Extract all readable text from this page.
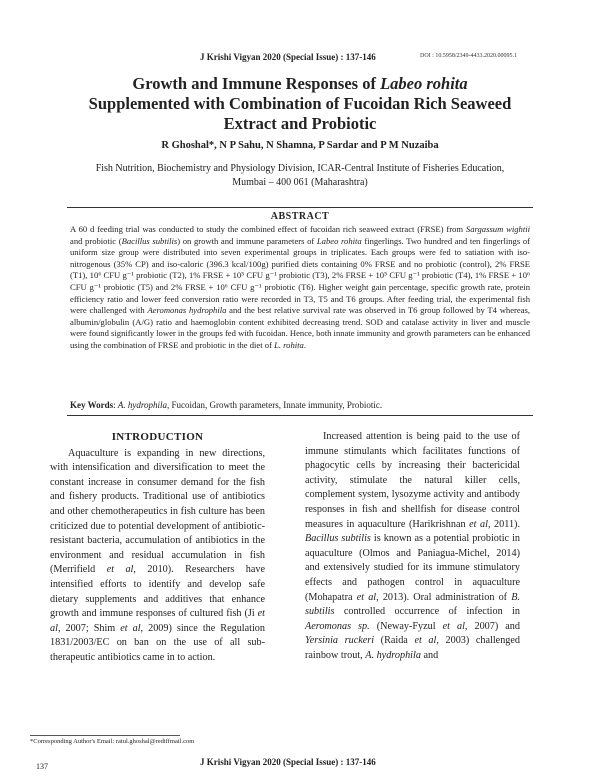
J Krishi Vigyan 2020 (Special Issue) : 137-146	DOI : 10.5958/2349-4433.2020.00095.1
Growth and Immune Responses of Labeo rohita
Supplemented with Combination of Fucoidan Rich Seaweed
Extract and Probiotic
R Ghoshal*, N P Sahu, N Shamna, P Sardar and P M Nuzaiba
Fish Nutrition, Biochemistry and Physiology Division, ICAR-Central Institute of Fisheries Education,
Mumbai – 400 061 (Maharashtra)
ABSTRACT
A 60 d feeding trial was conducted to study the combined effect of fucoidan rich seaweed extract (FRSE) from Sargassum wightii and probiotic (Bacillus subtilis) on growth and immune parameters of Labeo rohita fingerlings. Two hundred and ten fingerlings of uniform size group were distributed into seven experimental groups in triplicates. Each groups were fed to satiation with iso-nitrogenous (35% CP) and iso-caloric (396.3 kcal/100g) purified diets containing 0% FRSE and no probiotic (control), 2% FRSE (T1), 10⁶ CFU g⁻¹ probiotic (T2), 1% FRSE + 10⁵ CFU g⁻¹ probiotic (T3), 2% FRSE + 10⁵ CFU g⁻¹ probiotic (T4), 1% FRSE + 10⁶ CFU g⁻¹ probiotic (T5) and 2% FRSE + 10⁶ CFU g⁻¹ probiotic (T6). Higher weight gain percentage, specific growth rate, protein efficiency ratio and lower feed conversion ratio were recorded in T3, T5 and T6 groups. After feeding trial, the experimental fish were challenged with Aeromonas hydrophila and the best relative survival rate was observed in T6 group followed by T4 whereas, albumin/globulin (A/G) ratio and haemoglobin content exhibited decreasing trend. SOD and catalase activity in liver and muscle were found significantly lower in the groups fed with fucoidan. Hence, both innate immunity and growth parameters can be enhanced using the combination of FRSE and probiotic in the diet of L. rohita.
Key Words: A. hydrophila, Fucoidan, Growth parameters, Innate immunity, Probiotic.
INTRODUCTION

Aquaculture is expanding in new directions, with intensification and diversification to meet the constant increase in consumer demand for the fish and fishery products. Traditional use of antibiotics and other chemotherapeutics in fish culture has been criticized due to potential development of antibiotic-resistant bacteria, accumulation of antibiotics in the environment and residual accumulation in fish (Merrifield et al, 2010). Researchers have intensified efforts to identify and develop safe dietary supplements and additives that enhance growth and immune responses of cultured fish (Ji et al, 2007; Shim et al, 2009) since the Regulation 1831/2003/EC on ban on the use of all sub-therapeutic antibiotics came in to action.

Increased attention is being paid to the use of immune stimulants which facilitates functions of phagocytic cells by increasing their bactericidal activity, stimulate the natural killer cells, complement system, lysozyme activity and antibody responses in fish and shellfish for disease control measures in aquaculture (Harikrishnan et al, 2011). Bacillus subtilis is known as a potential probiotic in aquaculture (Olmos and Paniagua-Michel, 2014) and extensively studied for its immune stimulatory effects and pathogen control in aquaculture (Mohapatra et al, 2013). Oral administration of B. subtilis controlled occurrence of infection in Aeromonas sp. (Neway-Fyzul et al, 2007) and Yersinia ruckeri (Raida et al, 2003) challenged rainbow trout, A. hydrophila and

*Corresponding Author's Email: ratul.ghoshal@rediffmail.com
J Krishi Vigyan 2020 (Special Issue) : 137-146
137
